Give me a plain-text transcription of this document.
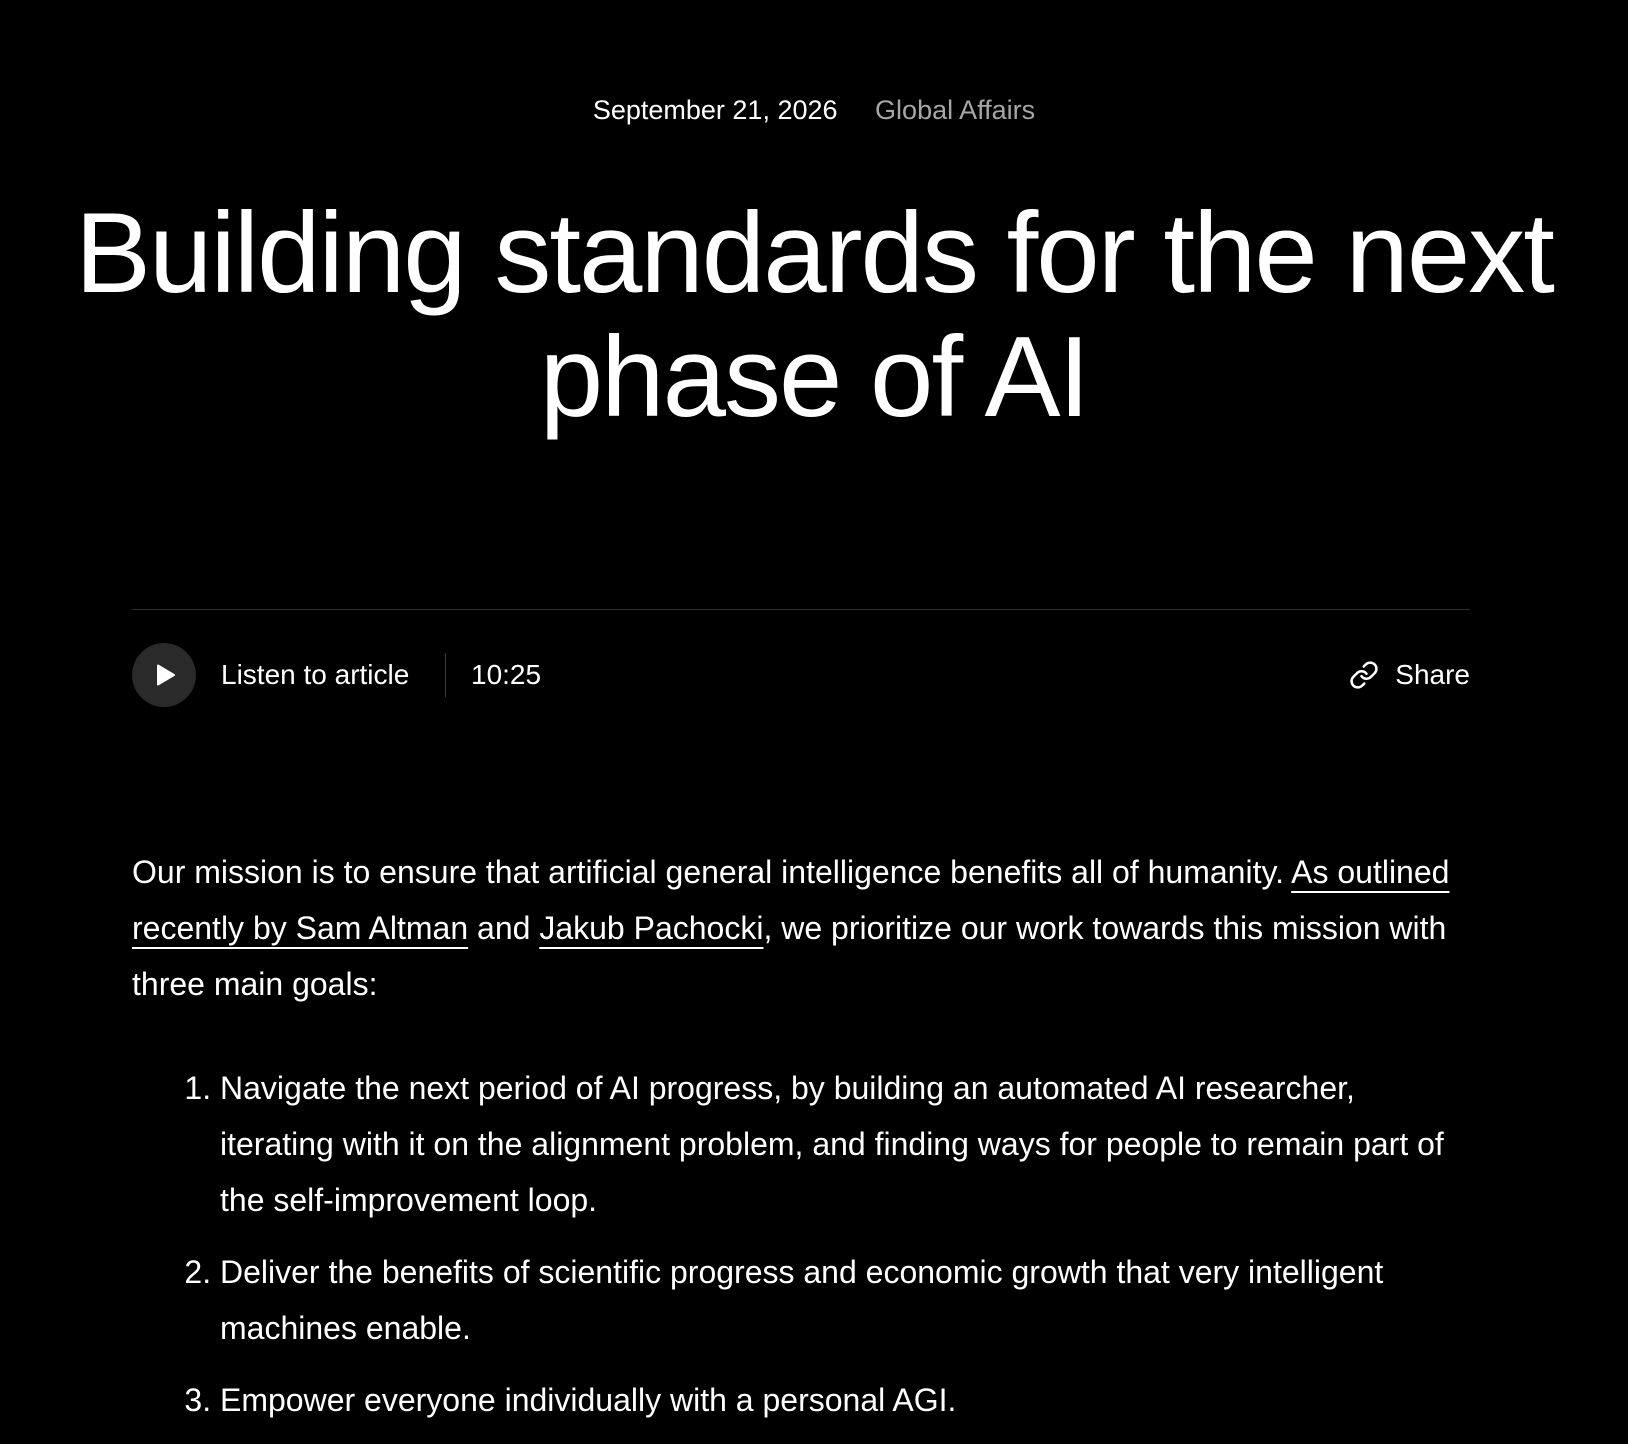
September 21, 2026 Global Affairs
Building standards for the next phase of AI
Listen to article 10:25	Share

Our mission is to ensure that artificial general intelligence benefits all of humanity. As outlined recently by Sam Altman and Jakub Pachocki, we prioritize our work towards this mission with three main goals:

1. Navigate the next period of AI progress, by building an automated AI researcher, iterating with it on the alignment problem, and finding ways for people to remain part of the self-improvement loop.
2. Deliver the benefits of scientific progress and economic growth that very intelligent machines enable.
3. Empower everyone individually with a personal AGI.
